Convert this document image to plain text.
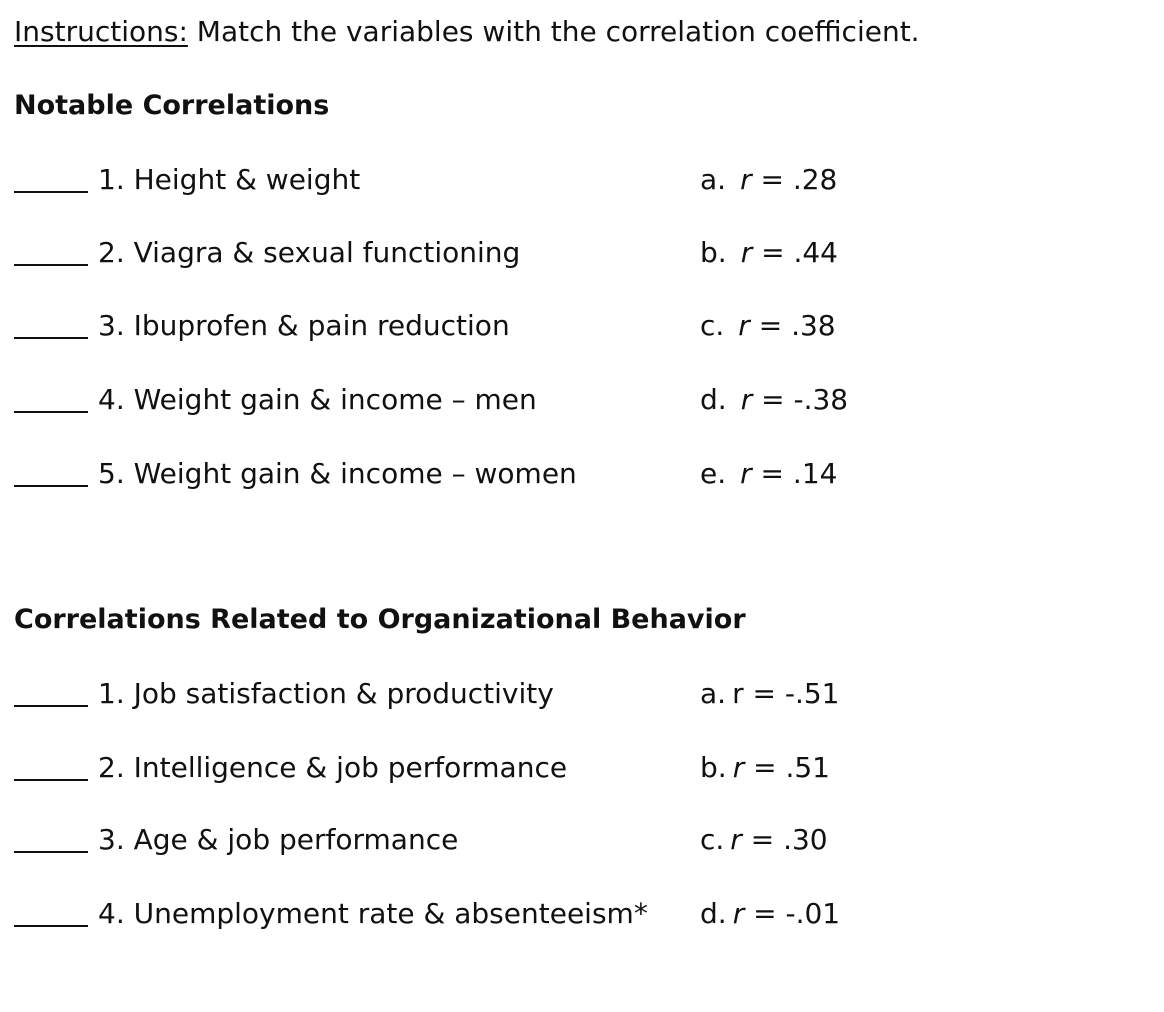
Instructions: Match the variables with the correlation coefficient.
Notable Correlations
1. Height & weight	a. r = .28
2. Viagra & sexual functioning	b. r = .44
3. Ibuprofen & pain reduction	c. r = .38
4. Weight gain & income – men	d. r = -.38
5. Weight gain & income – women	e. r = .14
Correlations Related to Organizational Behavior
1. Job satisfaction & productivity	a. r = -.51
2. Intelligence & job performance	b. r = .51
3. Age & job performance	c. r = .30
4. Unemployment rate & absenteeism* d. r = -.01
